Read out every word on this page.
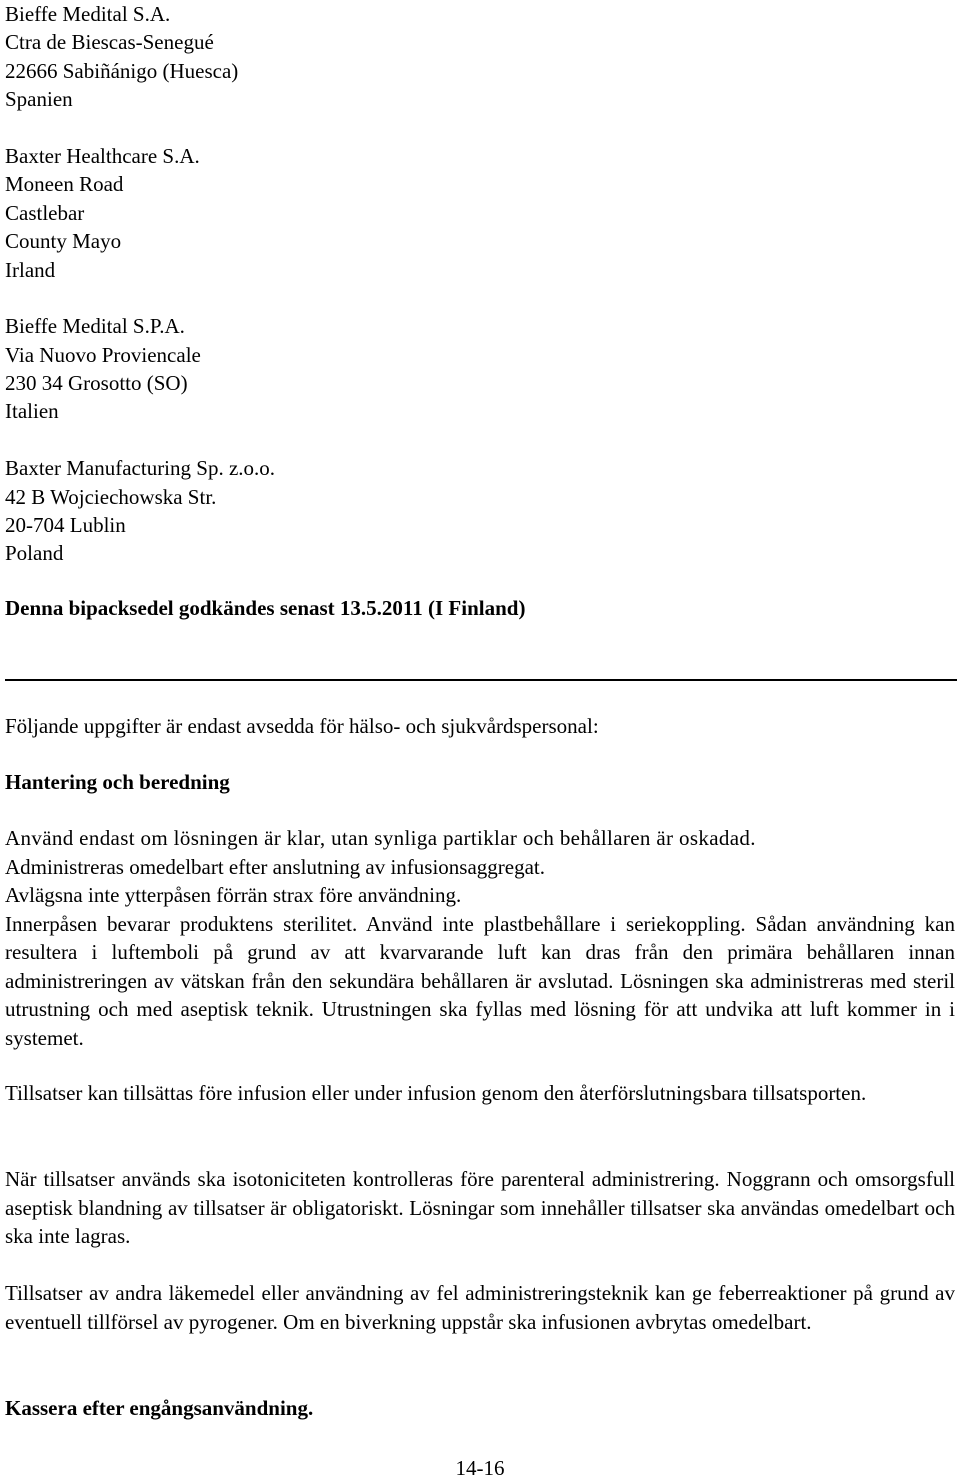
Bieffe Medital S.A.
Ctra de Biescas-Senegué
22666 Sabiñánigo (Huesca)
Spanien
Baxter Healthcare S.A.
Moneen Road
Castlebar
County Mayo
Irland
Bieffe Medital S.P.A.
Via Nuovo Proviencale
230 34 Grosotto (SO)
Italien
Baxter Manufacturing Sp. z.o.o.
42 B Wojciechowska Str.
20-704 Lublin
Poland
Denna bipacksedel godkändes senast 13.5.2011 (I Finland)
Följande uppgifter är endast avsedda för hälso- och sjukvårdspersonal:
Hantering och beredning
Använd endast om lösningen är klar, utan synliga partiklar och behållaren är oskadad.
Administreras omedelbart efter anslutning av infusionsaggregat.
Avlägsna inte ytterpåsen förrän strax före användning.
Innerpåsen bevarar produktens sterilitet. Använd inte plastbehållare i seriekoppling. Sådan användning kan resultera i luftemboli på grund av att kvarvarande luft kan dras från den primära behållaren innan administreringen av vätskan från den sekundära behållaren är avslutad. Lösningen ska administreras med steril utrustning och med aseptisk teknik. Utrustningen ska fyllas med lösning för att undvika att luft kommer in i systemet.
Tillsatser kan tillsättas före infusion eller under infusion genom den återförslutningsbara tillsatsporten.
När tillsatser används ska isotoniciteten kontrolleras före parenteral administrering. Noggrann och omsorgsfull aseptisk blandning av tillsatser är obligatoriskt. Lösningar som innehåller tillsatser ska användas omedelbart och ska inte lagras.
Tillsatser av andra läkemedel eller användning av fel administreringsteknik kan ge feberreaktioner på grund av eventuell tillförsel av pyrogener. Om en biverkning uppstår ska infusionen avbrytas omedelbart.
Kassera efter engångsanvändning.
14-16
